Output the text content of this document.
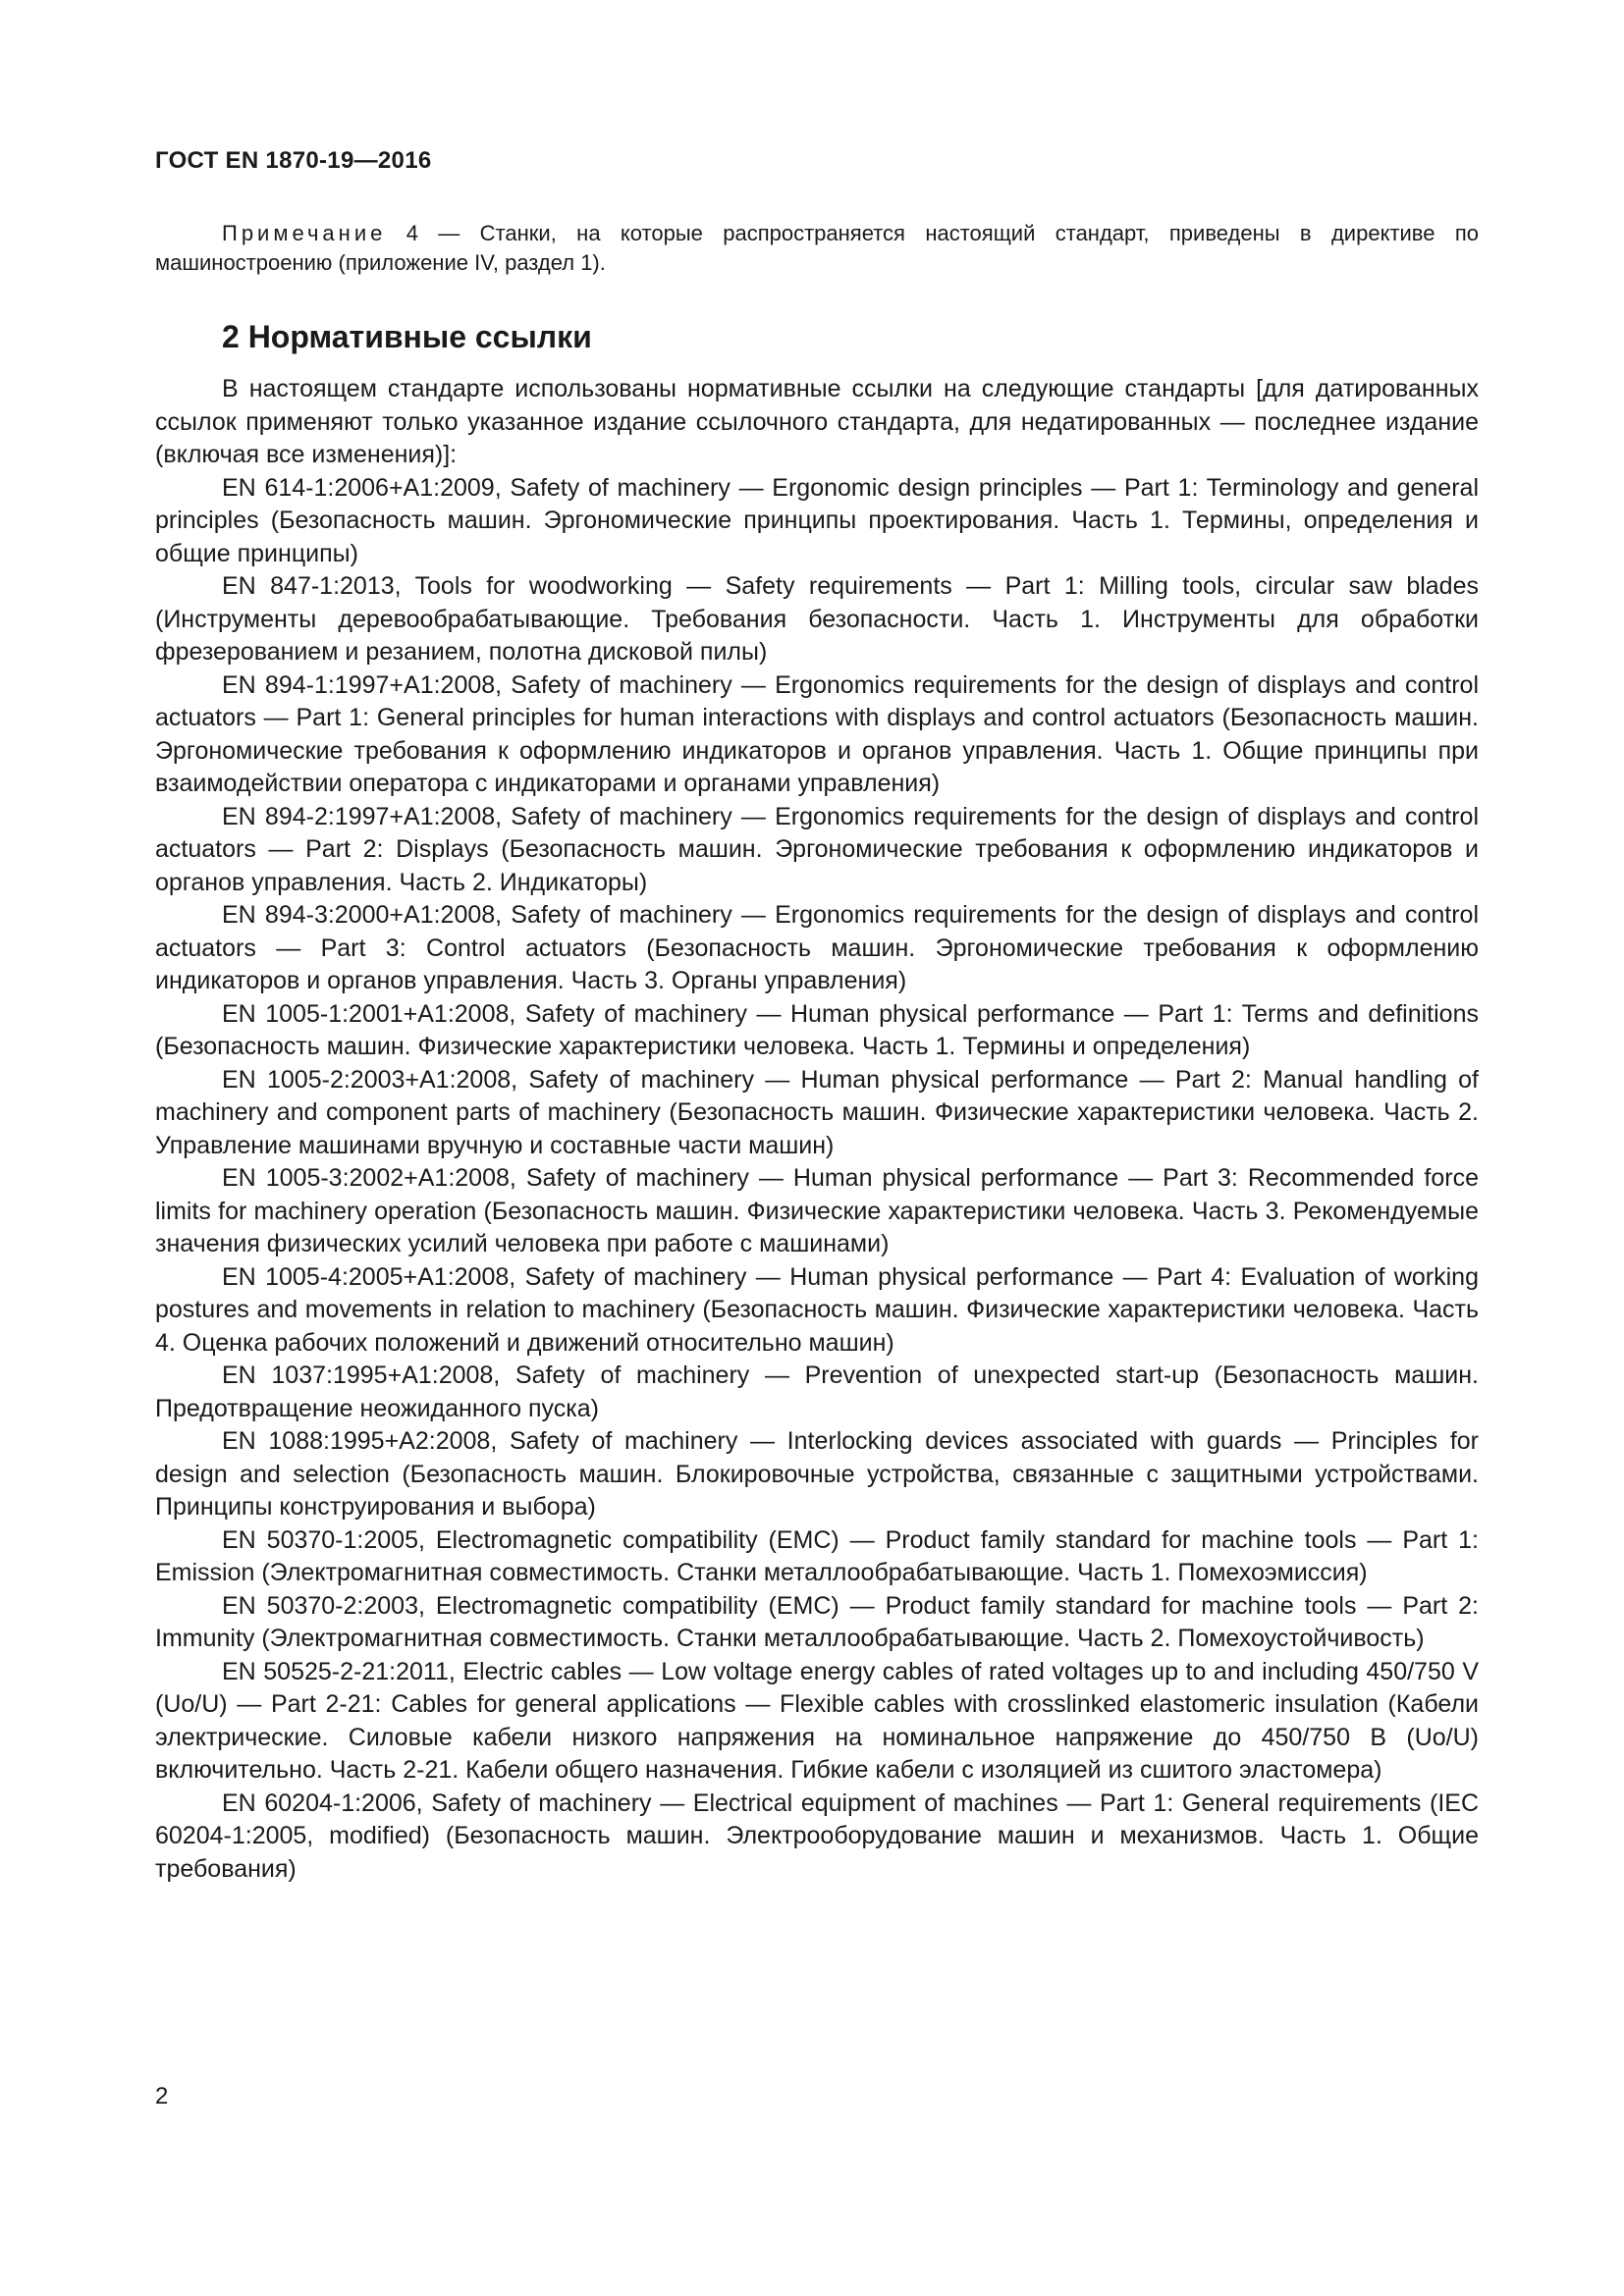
ГОСТ EN 1870-19—2016

Примечание 4 — Станки, на которые распространяется настоящий стандарт, приведены в директиве по машиностроению (приложение IV, раздел 1).

2 Нормативные ссылки

В настоящем стандарте использованы нормативные ссылки на следующие стандарты [для датированных ссылок применяют только указанное издание ссылочного стандарта, для недатированных — последнее издание (включая все изменения)]:

EN 614-1:2006+A1:2009, Safety of machinery — Ergonomic design principles — Part 1: Terminology and general principles (Безопасность машин. Эргономические принципы проектирования. Часть 1. Термины, определения и общие принципы)

EN 847-1:2013, Tools for woodworking — Safety requirements — Part 1: Milling tools, circular saw blades (Инструменты деревообрабатывающие. Требования безопасности. Часть 1. Инструменты для обработки фрезерованием и резанием, полотна дисковой пилы)

EN 894-1:1997+A1:2008, Safety of machinery — Ergonomics requirements for the design of displays and control actuators — Part 1: General principles for human interactions with displays and control actuators (Безопасность машин. Эргономические требования к оформлению индикаторов и органов управления. Часть 1. Общие принципы при взаимодействии оператора с индикаторами и органами управления)

EN 894-2:1997+A1:2008, Safety of machinery — Ergonomics requirements for the design of displays and control actuators — Part 2: Displays (Безопасность машин. Эргономические требования к оформлению индикаторов и органов управления. Часть 2. Индикаторы)

EN 894-3:2000+A1:2008, Safety of machinery — Ergonomics requirements for the design of displays and control actuators — Part 3: Control actuators (Безопасность машин. Эргономические требования к оформлению индикаторов и органов управления. Часть 3. Органы управления)

EN 1005-1:2001+A1:2008, Safety of machinery — Human physical performance — Part 1: Terms and definitions (Безопасность машин. Физические характеристики человека. Часть 1. Термины и определения)

EN 1005-2:2003+A1:2008, Safety of machinery — Human physical performance — Part 2: Manual handling of machinery and component parts of machinery (Безопасность машин. Физические характеристики человека. Часть 2. Управление машинами вручную и составные части машин)

EN 1005-3:2002+A1:2008, Safety of machinery — Human physical performance — Part 3: Recommended force limits for machinery operation (Безопасность машин. Физические характеристики человека. Часть 3. Рекомендуемые значения физических усилий человека при работе с машинами)

EN 1005-4:2005+A1:2008, Safety of machinery — Human physical performance — Part 4: Evaluation of working postures and movements in relation to machinery (Безопасность машин. Физические характеристики человека. Часть 4. Оценка рабочих положений и движений относительно машин)

EN 1037:1995+A1:2008, Safety of machinery — Prevention of unexpected start-up (Безопасность машин. Предотвращение неожиданного пуска)

EN 1088:1995+A2:2008, Safety of machinery — Interlocking devices associated with guards — Principles for design and selection (Безопасность машин. Блокировочные устройства, связанные с защитными устройствами. Принципы конструирования и выбора)

EN 50370-1:2005, Electromagnetic compatibility (EMC) — Product family standard for machine tools — Part 1: Emission (Электромагнитная совместимость. Станки металлообрабатывающие. Часть 1. Помехоэмиссия)

EN 50370-2:2003, Electromagnetic compatibility (EMC) — Product family standard for machine tools — Part 2: Immunity (Электромагнитная совместимость. Станки металлообрабатывающие. Часть 2. Помехоустойчивость)

EN 50525-2-21:2011, Electric cables — Low voltage energy cables of rated voltages up to and including 450/750 V (Uo/U) — Part 2-21: Cables for general applications — Flexible cables with crosslinked elastomeric insulation (Кабели электрические. Силовые кабели низкого напряжения на номинальное напряжение до 450/750 В (Uo/U) включительно. Часть 2-21. Кабели общего назначения. Гибкие кабели с изоляцией из сшитого эластомера)

EN 60204-1:2006, Safety of machinery — Electrical equipment of machines — Part 1: General requirements (IEC 60204-1:2005, modified) (Безопасность машин. Электрооборудование машин и механизмов. Часть 1. Общие требования)

2
